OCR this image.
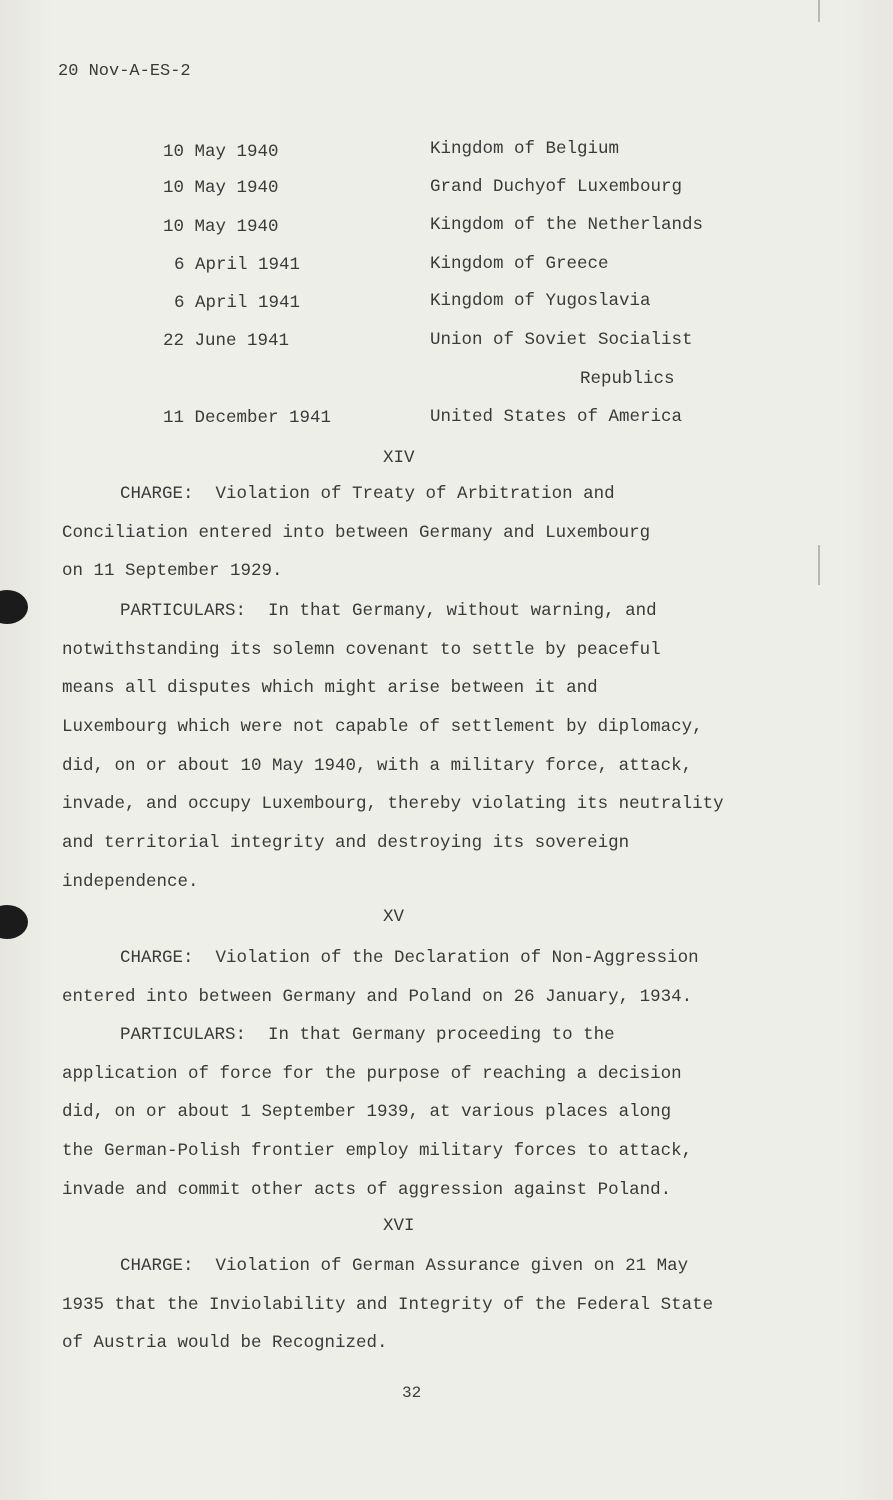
20 Nov-A-ES-2
10 May 1940	Kingdom of Belgium
10 May 1940	Grand Duchyof Luxembourg
10 May 1940	Kingdom of the Netherlands
6 April 1941	Kingdom of Greece
6 April 1941	Kingdom of Yugoslavia
22 June 1941	Union of Soviet Socialist
Republics
11 December 1941	United States of America
XIV
CHARGE: Violation of Treaty of Arbitration and
Conciliation entered into between Germany and Luxembourg
on 11 September 1929.
PARTICULARS: In that Germany, without warning, and
notwithstanding its solemn covenant to settle by peaceful
means all disputes which might arise between it and
Luxembourg which were not capable of settlement by diplomacy,
did, on or about 10 May 1940, with a military force, attack,
invade, and occupy Luxembourg, thereby violating its neutrality
and territorial integrity and destroying its sovereign
independence.
XV
CHARGE: Violation of the Declaration of Non-Aggression
entered into between Germany and Poland on 26 January, 1934.
PARTICULARS: In that Germany proceeding to the
application of force for the purpose of reaching a decision
did, on or about 1 September 1939, at various places along
the German-Polish frontier employ military forces to attack,
invade and commit other acts of aggression against Poland.
XVI
CHARGE: Violation of German Assurance given on 21 May
1935 that the Inviolability and Integrity of the Federal State
of Austria would be Recognized.
32
